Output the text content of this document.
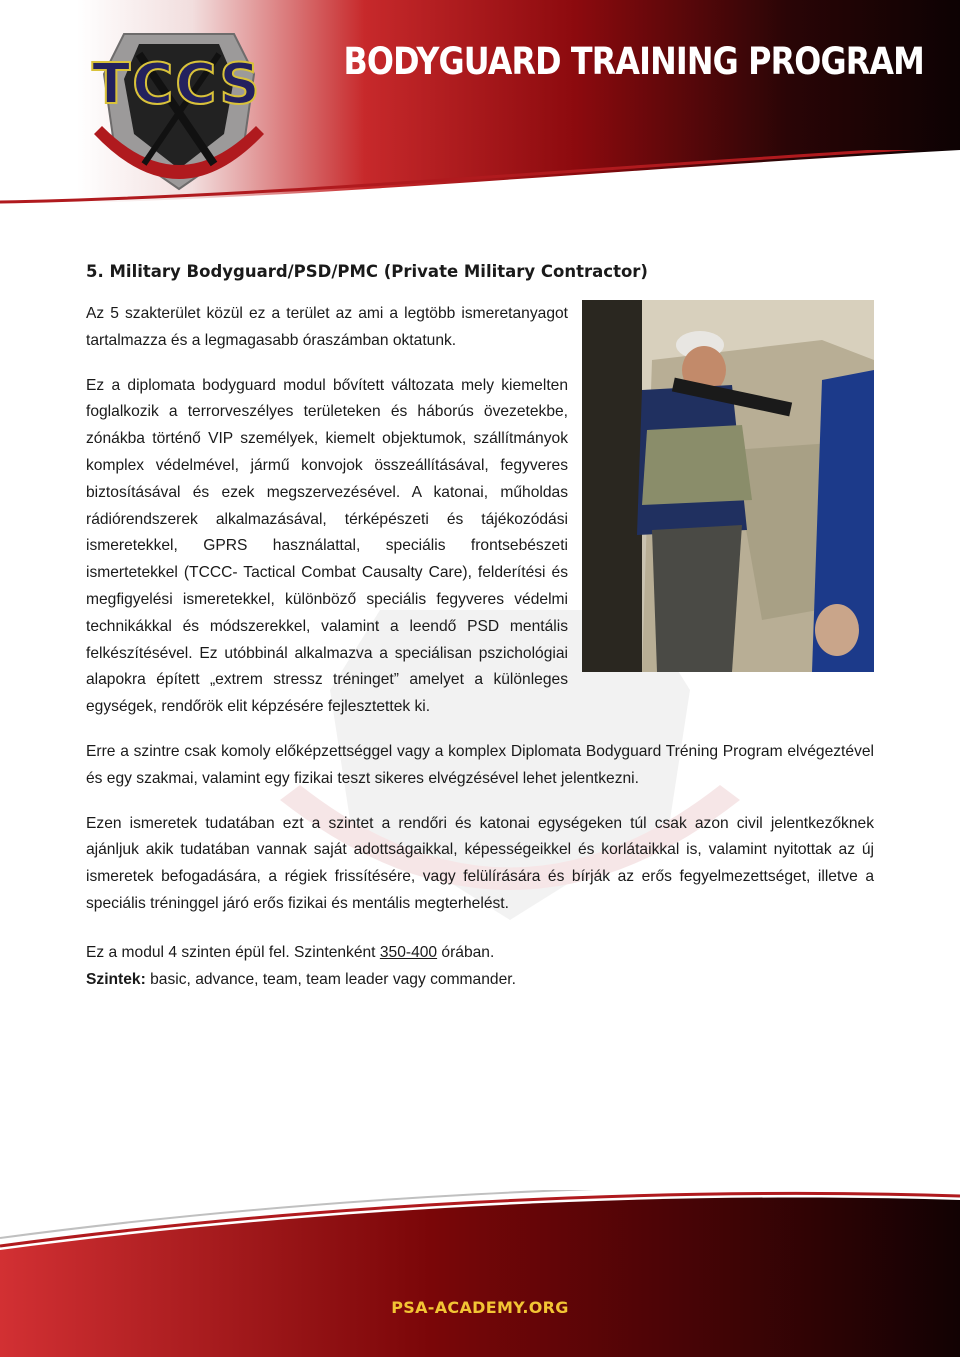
BODYGUARD TRAINING PROGRAM
TCCS
5. Military Bodyguard/PSD/PMC (Private Military Contractor)

Az 5 szakterület közül ez a terület az ami a legtöbb ismeretanyagot tartalmazza és a legmagasabb óraszámban oktatunk.

Ez a diplomata bodyguard modul bővített változata mely kiemelten foglalkozik a terrorveszélyes területeken és háborús övezetekbe, zónákba történő VIP személyek, kiemelt objektumok, szállítmányok komplex védelmével, jármű konvojok összeállításával, fegyveres biztosításával és ezek megszervezésével. A katonai, műholdas rádiórendszerek alkalmazásával, térképészeti és tájékozódási ismeretekkel, GPRS használattal, speciális frontsebészeti ismertetekkel (TCCC- Tactical Combat Causalty Care), felderítési és megfigyelési ismeretekkel, különböző speciális fegyveres védelmi technikákkal és módszerekkel, valamint a leendő PSD mentális felkészítésével. Ez utóbbinál alkalmazva a speciálisan pszichológiai alapokra épített „extrem stressz tréninget” amelyet a különleges egységek, rendőrök elit képzésére fejlesztettek ki.

Erre a szintre csak komoly előképzettséggel vagy a komplex Diplomata Bodyguard Tréning Program elvégeztével és egy szakmai, valamint egy fizikai teszt sikeres elvégzésével lehet jelentkezni.

Ezen ismeretek tudatában ezt a szintet a rendőri és katonai egységeken túl csak azon civil jelentkezőknek ajánljuk akik tudatában vannak saját adottságaikkal, képességeikkel és korlátaikkal is, valamint nyitottak az új ismeretek befogadására, a régiek frissítésére, vagy felülírására és bírják az erős fegyelmezettséget, illetve a speciális tréninggel járó erős fizikai és mentális megterhelést.

Ez a modul 4 szinten épül fel. Szintenként 350-400 órában.

Szintek: basic, advance, team, team leader vagy commander.

PSA-ACADEMY.ORG
